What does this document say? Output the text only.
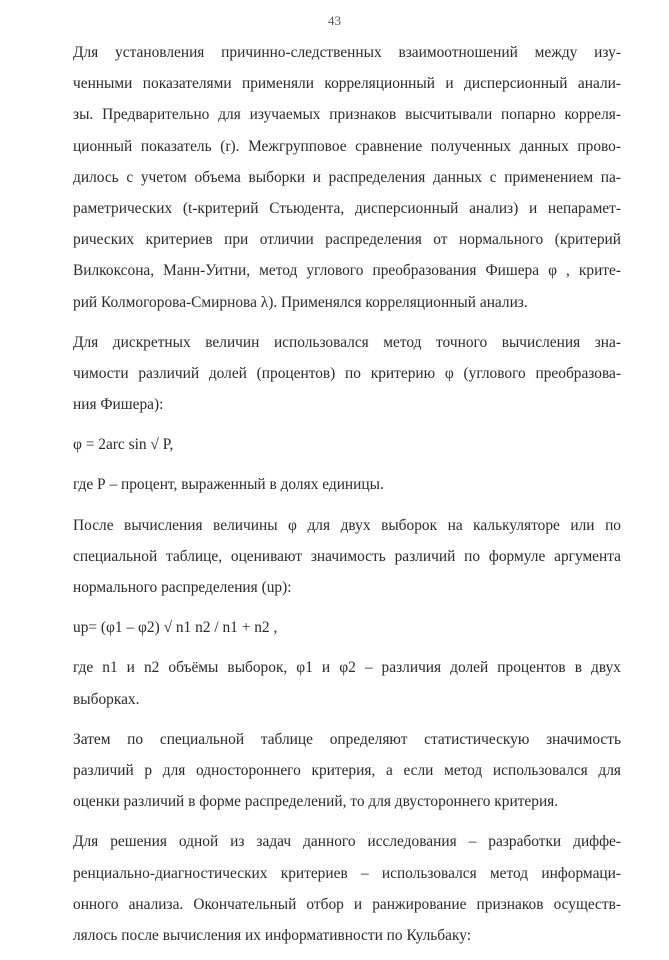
43
Для установления причинно-следственных взаимоотношений между изу-
ченными показателями применяли корреляционный и дисперсионный анали-
зы. Предварительно для изучаемых признаков высчитывали попарно корреля-
ционный показатель (r). Межгрупповое сравнение полученных данных прово-
дилось с учетом объема выборки и распределения данных с применением па-
раметрических (t-критерий Стьюдента, дисперсионный анализ) и непарамет-
рических критериев при отличии распределения от нормального (критерий
Вилкоксона, Манн-Уитни, метод углового преобразования Фишера φ , крите-
рий Колмогорова-Смирнова λ). Применялся корреляционный анализ.
Для дискретных величин использовался метод точного вычисления зна-
чимости различий долей (процентов) по критерию φ (углового преобразова-
ния Фишера):
φ = 2arc sin √ P,
где Р – процент, выраженный в долях единицы.
После вычисления величины φ для двух выборок на калькуляторе или по
специальной таблице, оценивают значимость различий по формуле аргумента
нормального распределения (uр):
uр= (φ1 – φ2) √ n1 n2 / n1 + n2 ,
где n1 и n2 объёмы выборок, φ1 и φ2 – различия долей процентов в двух
выборках.
Затем по специальной таблице определяют статистическую значимость
различий р для одностороннего критерия, а если метод использовался для
оценки различий в форме распределений, то для двустороннего критерия.
Для решения одной из задач данного исследования – разработки диффе-
ренциально-диагностических критериев – использовался метод информаци-
онного анализа. Окончательный отбор и ранжирование признаков осуществ-
лялось после вычисления их информативности по Кульбаку:
